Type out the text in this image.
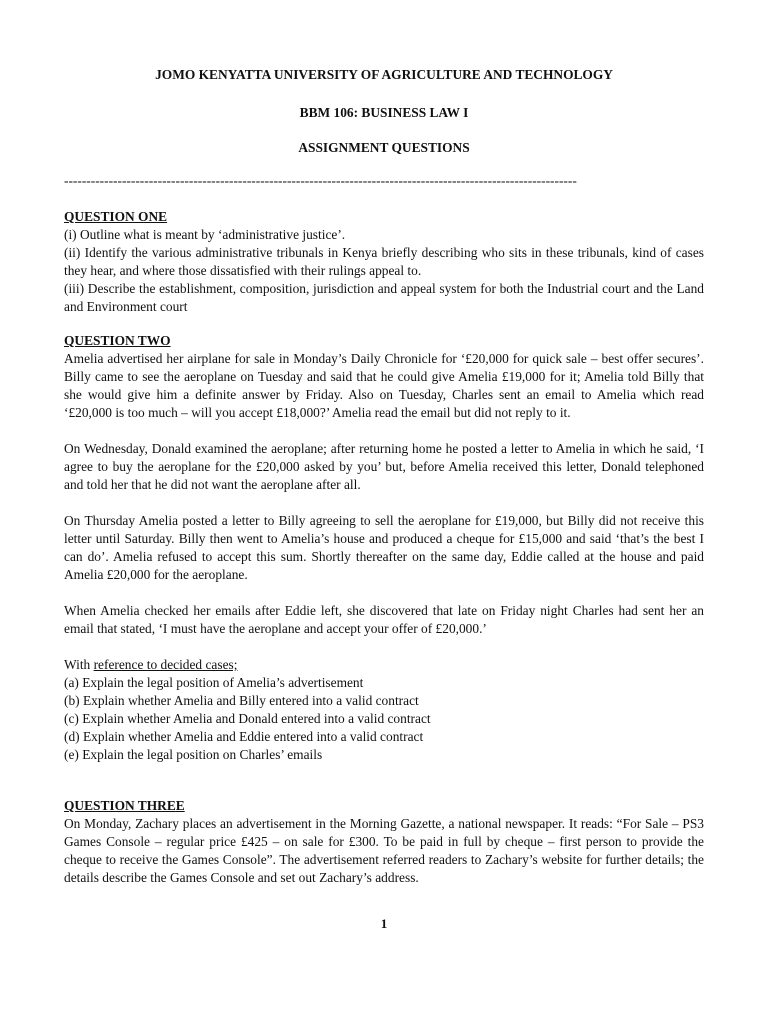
JOMO KENYATTA UNIVERSITY OF AGRICULTURE AND TECHNOLOGY
BBM 106: BUSINESS LAW I
ASSIGNMENT QUESTIONS
-------------------------------------------------------------------------------------------------------------------
QUESTION ONE
(i) Outline what is meant by ‘administrative justice’.
(ii) Identify the various administrative tribunals in Kenya briefly describing who sits in these tribunals, kind of cases they hear, and where those dissatisfied with their rulings appeal to.
(iii) Describe the establishment, composition, jurisdiction and appeal system for both the Industrial court and the Land and Environment court
QUESTION TWO
Amelia advertised her airplane for sale in Monday’s Daily Chronicle for ‘£20,000 for quick sale – best offer secures’. Billy came to see the aeroplane on Tuesday and said that he could give Amelia £19,000 for it; Amelia told Billy that she would give him a definite answer by Friday. Also on Tuesday, Charles sent an email to Amelia which read ‘£20,000 is too much – will you accept £18,000?’ Amelia read the email but did not reply to it.
On Wednesday, Donald examined the aeroplane; after returning home he posted a letter to Amelia in which he said, ‘I agree to buy the aeroplane for the £20,000 asked by you’ but, before Amelia received this letter, Donald telephoned and told her that he did not want the aeroplane after all.
On Thursday Amelia posted a letter to Billy agreeing to sell the aeroplane for £19,000, but Billy did not receive this letter until Saturday. Billy then went to Amelia’s house and produced a cheque for £15,000 and said ‘that’s the best I can do’. Amelia refused to accept this sum. Shortly thereafter on the same day, Eddie called at the house and paid Amelia £20,000 for the aeroplane.
When Amelia checked her emails after Eddie left, she discovered that late on Friday night Charles had sent her an email that stated, ‘I must have the aeroplane and accept your offer of £20,000.’
With reference to decided cases;
(a) Explain the legal position of Amelia’s advertisement
(b) Explain whether Amelia and Billy entered into a valid contract
(c) Explain whether Amelia and Donald entered into a valid contract
(d) Explain whether Amelia and Eddie entered into a valid contract
(e) Explain the legal position on Charles’ emails
QUESTION THREE
On Monday, Zachary places an advertisement in the Morning Gazette, a national newspaper. It reads: “For Sale – PS3 Games Console – regular price £425 – on sale for £300. To be paid in full by cheque – first person to provide the cheque to receive the Games Console”. The advertisement referred readers to Zachary’s website for further details; the details describe the Games Console and set out Zachary’s address.
1
